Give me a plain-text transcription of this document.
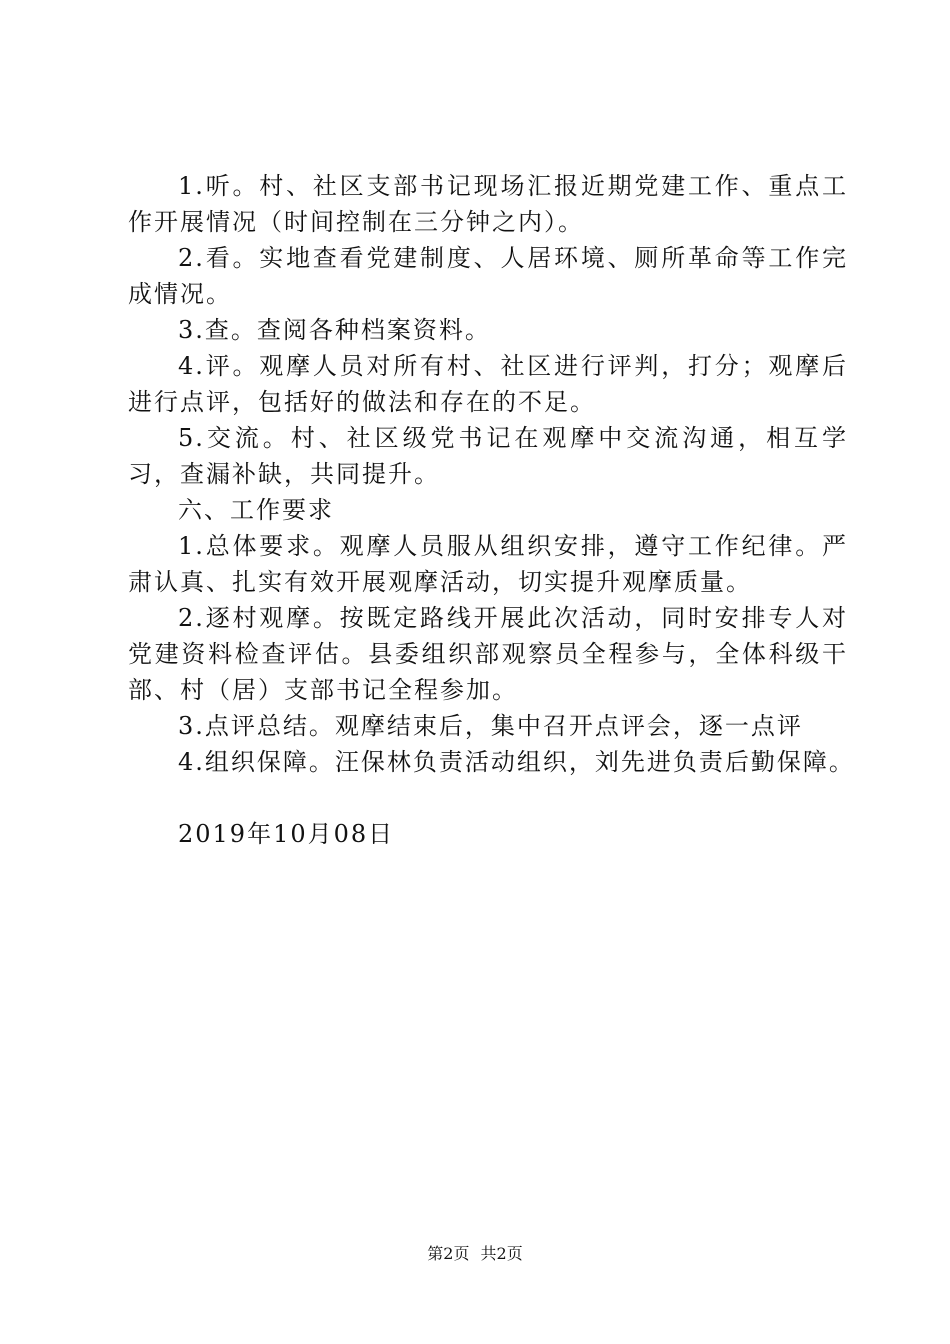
1.听。村、社区支部书记现场汇报近期党建工作、重点工作开展情况（时间控制在三分钟之内）。

2.看。实地查看党建制度、人居环境、厕所革命等工作完成情况。

3.查。查阅各种档案资料。

4.评。观摩人员对所有村、社区进行评判，打分；观摩后进行点评，包括好的做法和存在的不足。

5.交流。村、社区级党书记在观摩中交流沟通，相互学习，查漏补缺，共同提升。

六、工作要求

1.总体要求。观摩人员服从组织安排，遵守工作纪律。严肃认真、扎实有效开展观摩活动，切实提升观摩质量。

2.逐村观摩。按既定路线开展此次活动，同时安排专人对党建资料检查评估。县委组织部观察员全程参与，全体科级干部、村（居）支部书记全程参加。

3.点评总结。观摩结束后，集中召开点评会，逐一点评

4.组织保障。汪保林负责活动组织，刘先进负责后勤保障。

2019年10月08日

第2页 共2页
